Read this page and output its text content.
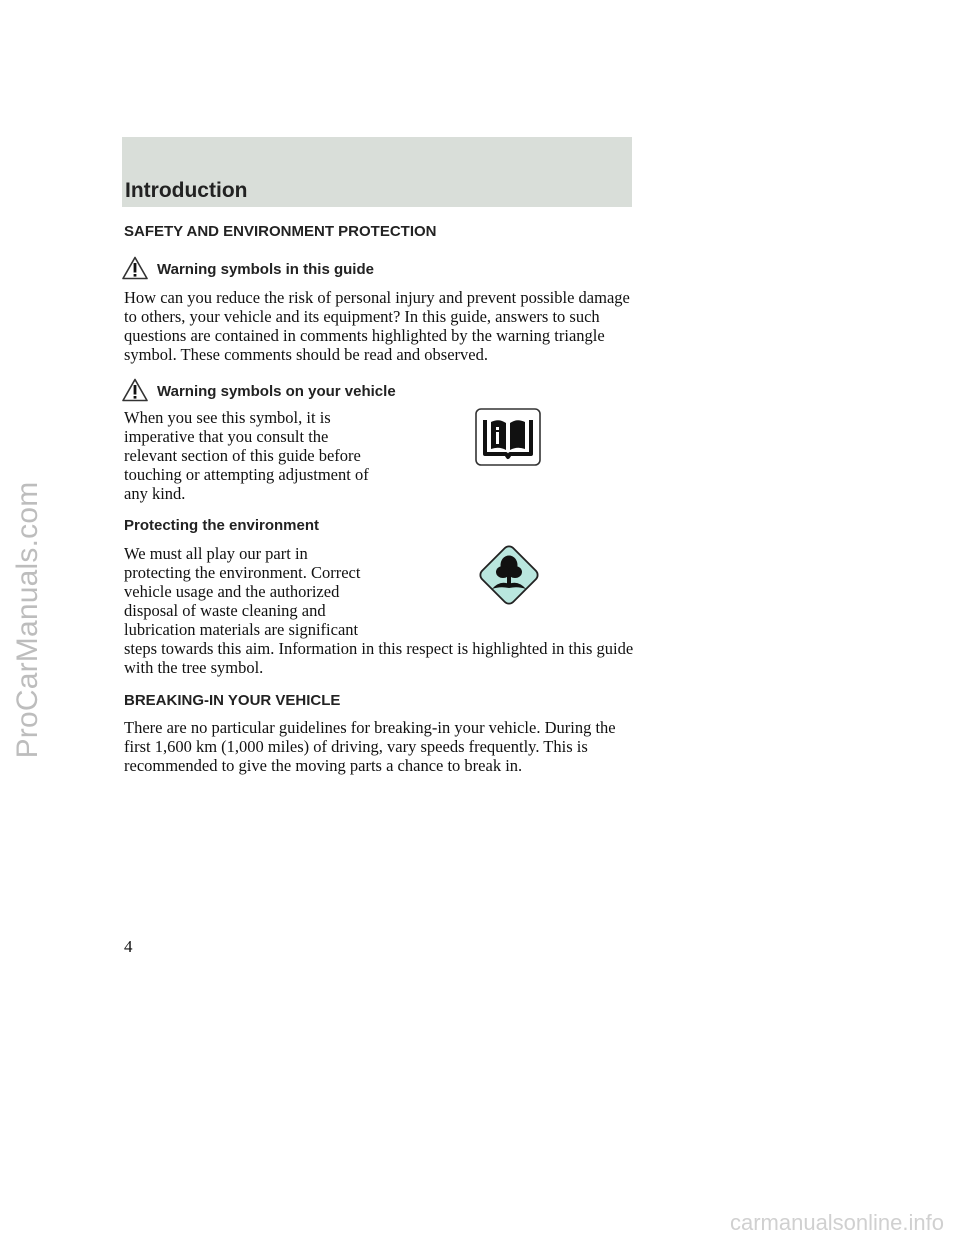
ProCarManuals.com
carmanualsonline.info
Introduction
SAFETY AND ENVIRONMENT PROTECTION
Warning symbols in this guide

How can you reduce the risk of personal injury and prevent possible damage to others, your vehicle and its equipment? In this guide, answers to such questions are contained in comments highlighted by the warning triangle symbol. These comments should be read and observed.

Warning symbols on your vehicle

When you see this symbol, it is imperative that you consult the relevant section of this guide before touching or attempting adjustment of any kind.

Protecting the environment

We must all play our part in protecting the environment. Correct vehicle usage and the authorized disposal of waste cleaning and lubrication materials are significant

steps towards this aim. Information in this respect is highlighted in this guide with the tree symbol.

BREAKING-IN YOUR VEHICLE

There are no particular guidelines for breaking-in your vehicle. During the first 1,600 km (1,000 miles) of driving, vary speeds frequently. This is recommended to give the moving parts a chance to break in.

4
